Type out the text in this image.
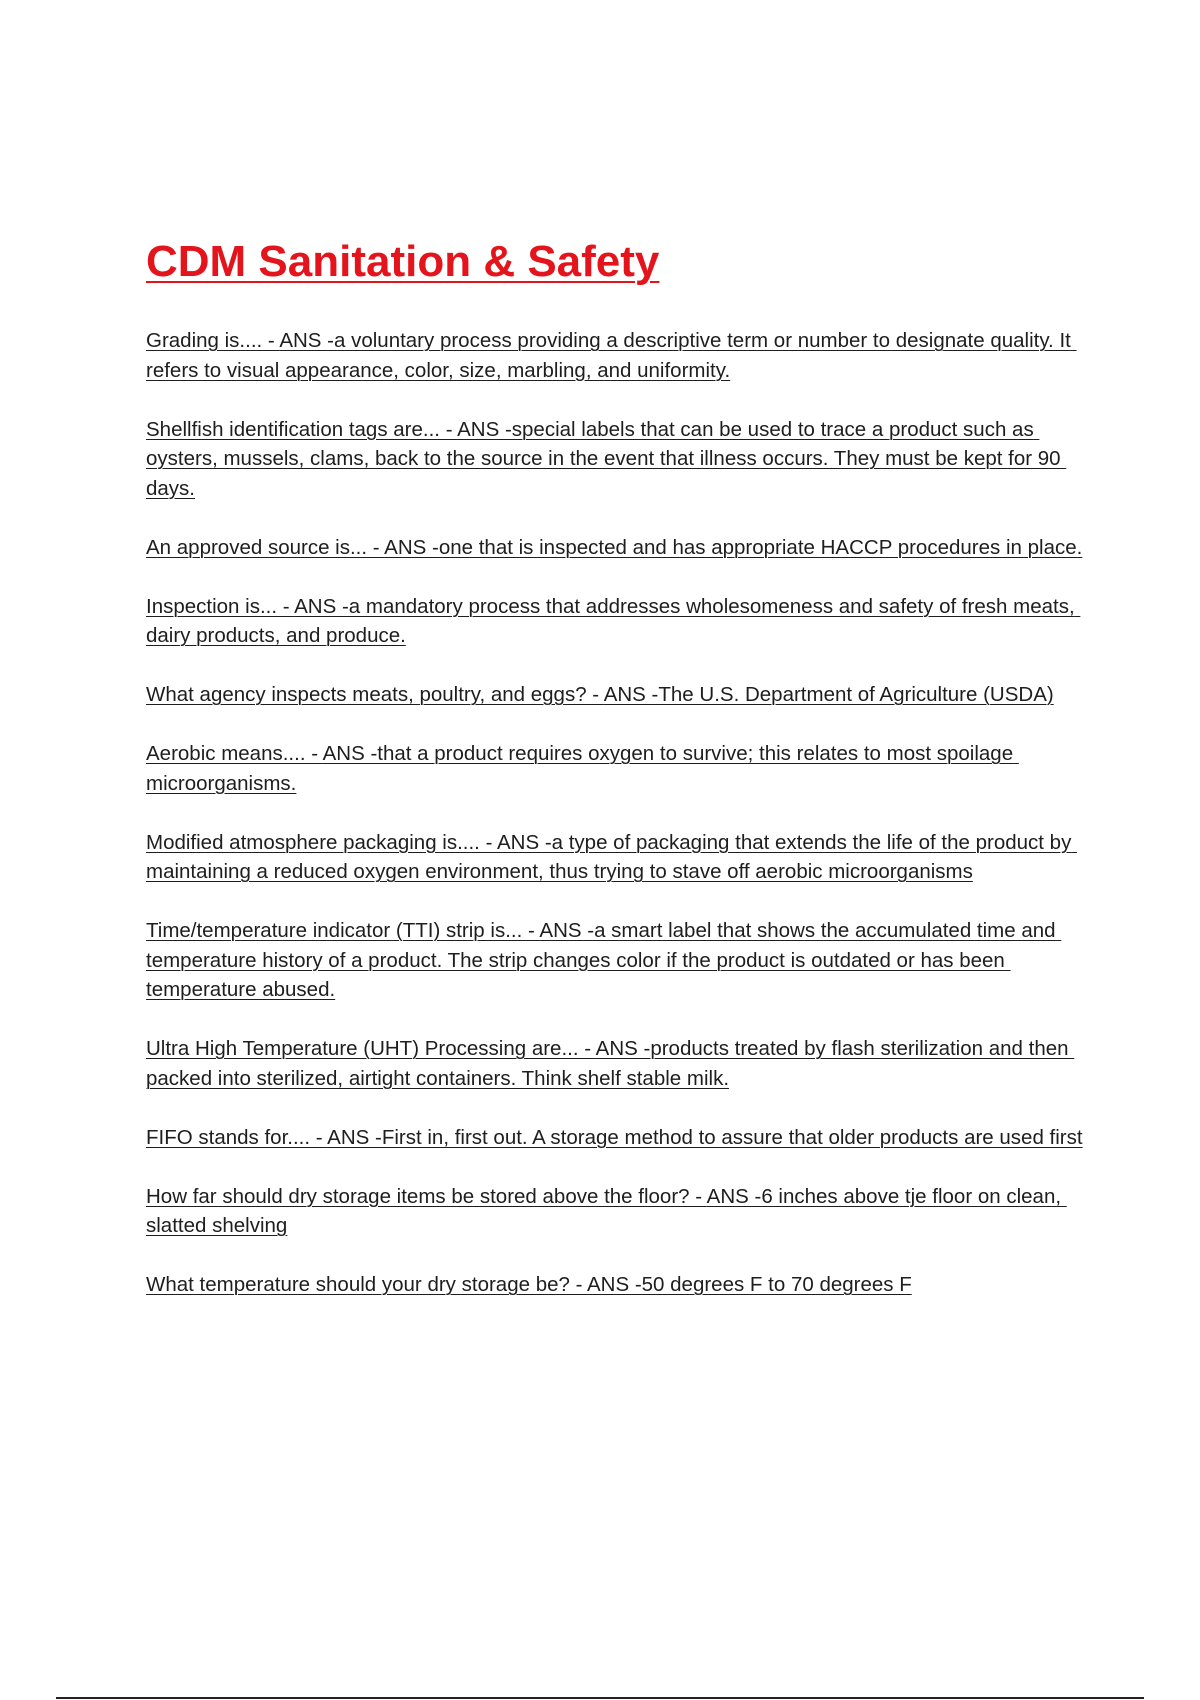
CDM Sanitation & Safety
Grading is.... - ANS -a voluntary process providing a descriptive term or number to designate quality. It refers to visual appearance, color, size, marbling, and uniformity.
Shellfish identification tags are... - ANS -special labels that can be used to trace a product such as oysters, mussels, clams, back to the source in the event that illness occurs. They must be kept for 90 days.
An approved source is... - ANS -one that is inspected and has appropriate HACCP procedures in place.
Inspection is... - ANS -a mandatory process that addresses wholesomeness and safety of fresh meats, dairy products, and produce.
What agency inspects meats, poultry, and eggs? - ANS -The U.S. Department of Agriculture (USDA)
Aerobic means.... - ANS -that a product requires oxygen to survive; this relates to most spoilage microorganisms.
Modified atmosphere packaging is.... - ANS -a type of packaging that extends the life of the product by maintaining a reduced oxygen environment, thus trying to stave off aerobic microorganisms
Time/temperature indicator (TTI) strip is... - ANS -a smart label that shows the accumulated time and temperature history of a product. The strip changes color if the product is outdated or has been temperature abused.
Ultra High Temperature (UHT) Processing are... - ANS -products treated by flash sterilization and then packed into sterilized, airtight containers. Think shelf stable milk.
FIFO stands for.... - ANS -First in, first out. A storage method to assure that older products are used first
How far should dry storage items be stored above the floor? - ANS -6 inches above tje floor on clean, slatted shelving
What temperature should your dry storage be? - ANS -50 degrees F to 70 degrees F
